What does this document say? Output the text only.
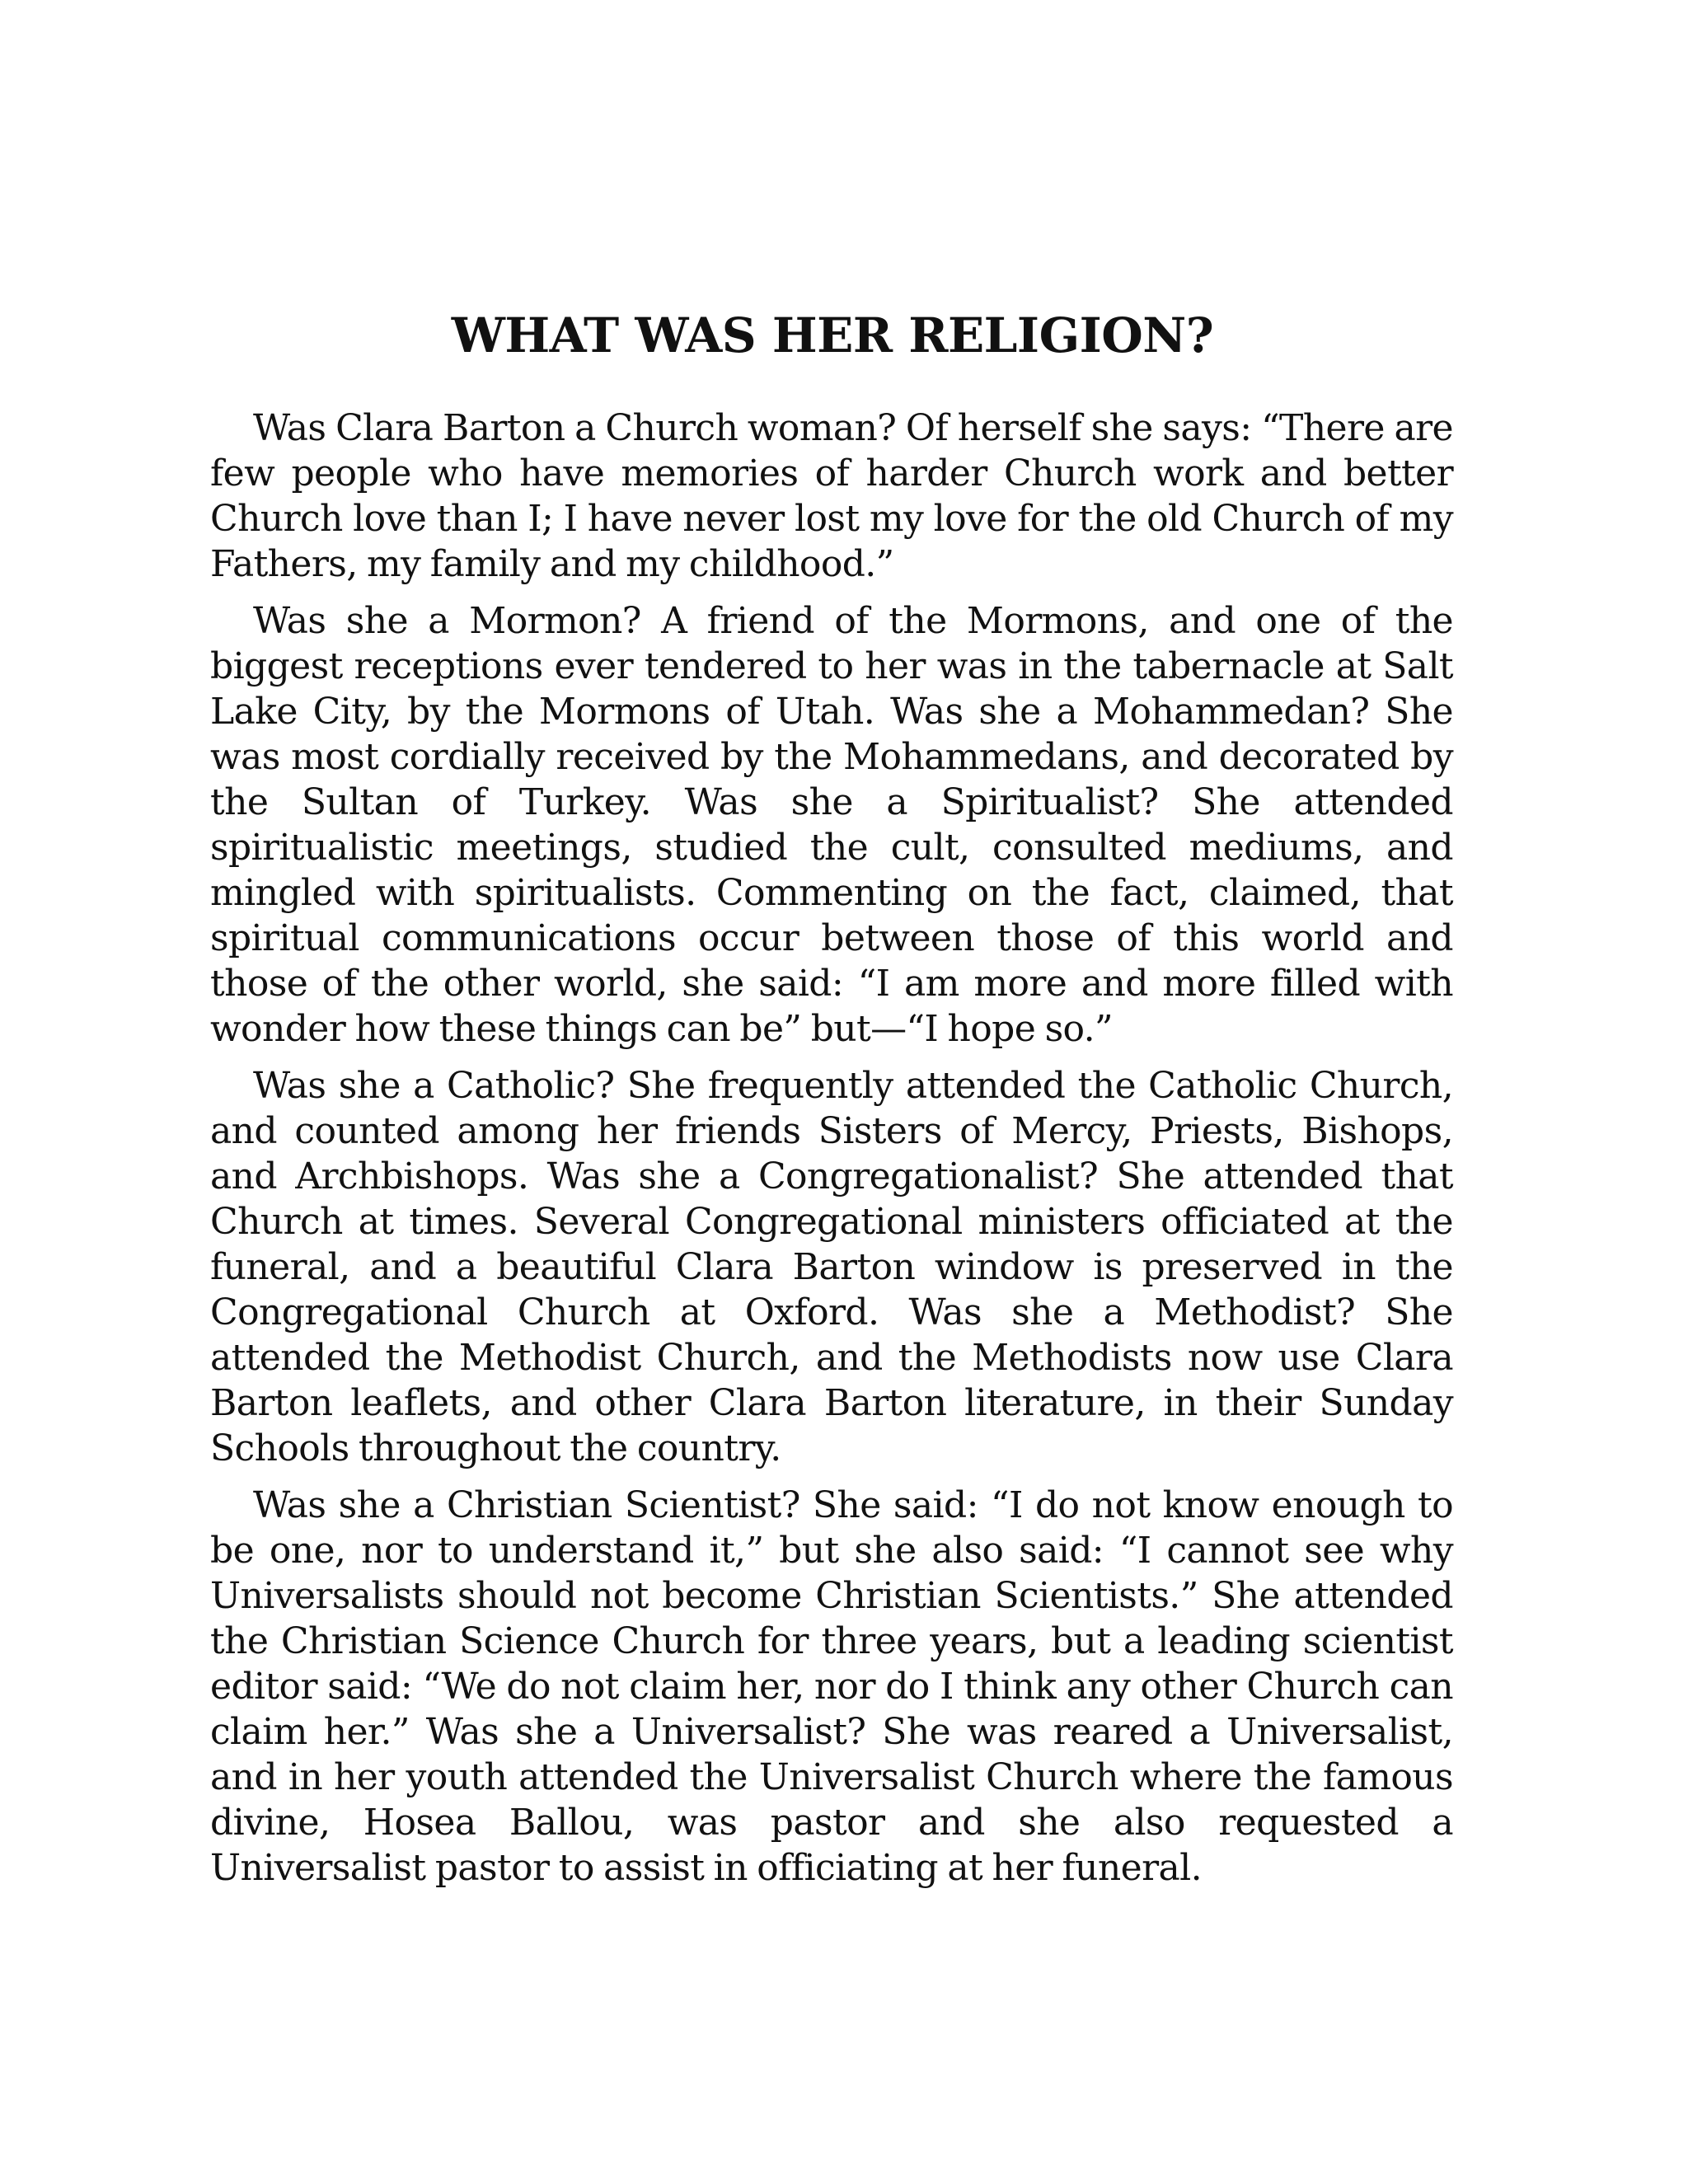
WHAT WAS HER RELIGION?

Was Clara Barton a Church woman? Of herself she says: “There are few people who have memories of harder Church work and better Church love than I; I have never lost my love for the old Church of my Fathers, my family and my childhood.”

Was she a Mormon? A friend of the Mormons, and one of the biggest receptions ever tendered to her was in the tabernacle at Salt Lake City, by the Mormons of Utah. Was she a Mohammedan? She was most cordially received by the Mohammedans, and decorated by the Sultan of Turkey. Was she a Spiritualist? She attended spiritualistic meetings, studied the cult, consulted mediums, and mingled with spiritualists. Commenting on the fact, claimed, that spiritual communications occur between those of this world and those of the other world, she said: “I am more and more filled with wonder how these things can be” but—“I hope so.”

Was she a Catholic? She frequently attended the Catholic Church, and counted among her friends Sisters of Mercy, Priests, Bishops, and Archbishops. Was she a Congregationalist? She attended that Church at times. Several Congregational ministers officiated at the funeral, and a beautiful Clara Barton window is preserved in the Congregational Church at Oxford. Was she a Methodist? She attended the Methodist Church, and the Methodists now use Clara Barton leaflets, and other Clara Barton literature, in their Sunday Schools throughout the country.

Was she a Christian Scientist? She said: “I do not know enough to be one, nor to understand it,” but she also said: “I cannot see why Universalists should not become Christian Scientists.” She attended the Christian Science Church for three years, but a leading scientist editor said: “We do not claim her, nor do I think any other Church can claim her.” Was she a Universalist? She was reared a Universalist, and in her youth attended the Universalist Church where the famous divine, Hosea Ballou, was pastor and she also requested a Universalist pastor to assist in officiating at her funeral.
